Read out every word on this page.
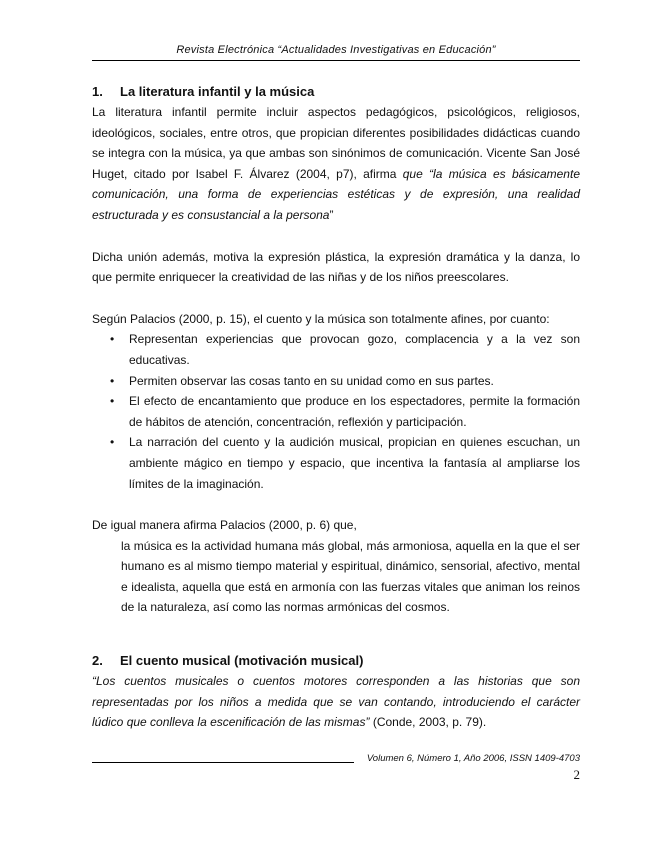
Revista Electrónica “Actualidades Investigativas en Educación”
1.	La literatura infantil y la música

La literatura infantil permite incluir aspectos pedagógicos, psicológicos, religiosos, ideológicos, sociales, entre otros, que propician diferentes posibilidades didácticas cuando se integra con la música, ya que ambas son sinónimos de comunicación. Vicente San José Huget, citado por Isabel F. Álvarez (2004, p7), afirma que “la música es básicamente comunicación, una forma de experiencias estéticas y de expresión, una realidad estructurada y es consustancial a la persona”

Dicha unión además, motiva la expresión plástica, la expresión dramática y la danza, lo que permite enriquecer la creatividad de las niñas y de los niños preescolares.

Según Palacios (2000, p. 15), el cuento y la música son totalmente afines, por cuanto:

• Representan experiencias que provocan gozo, complacencia y a la vez son educativas.
• Permiten observar las cosas tanto en su unidad como en sus partes.
• El efecto de encantamiento que produce en los espectadores, permite la formación de hábitos de atención, concentración, reflexión y participación.
• La narración del cuento y la audición musical, propician en quienes escuchan, un ambiente mágico en tiempo y espacio, que incentiva la fantasía al ampliarse los límites de la imaginación.

De igual manera afirma Palacios (2000, p. 6) que,

la música es la actividad humana más global, más armoniosa, aquella en la que el ser humano es al mismo tiempo material y espiritual, dinámico, sensorial, afectivo, mental e idealista, aquella que está en armonía con las fuerzas vitales que animan los reinos de la naturaleza, así como las normas armónicas del cosmos.

2.	El cuento musical (motivación musical)

“Los cuentos musicales o cuentos motores corresponden a las historias que son representadas por los niños a medida que se van contando, introduciendo el carácter lúdico que conlleva la escenificación de las mismas” (Conde, 2003, p. 79).

Volumen 6, Número 1, Año 2006, ISSN 1409-4703
2
